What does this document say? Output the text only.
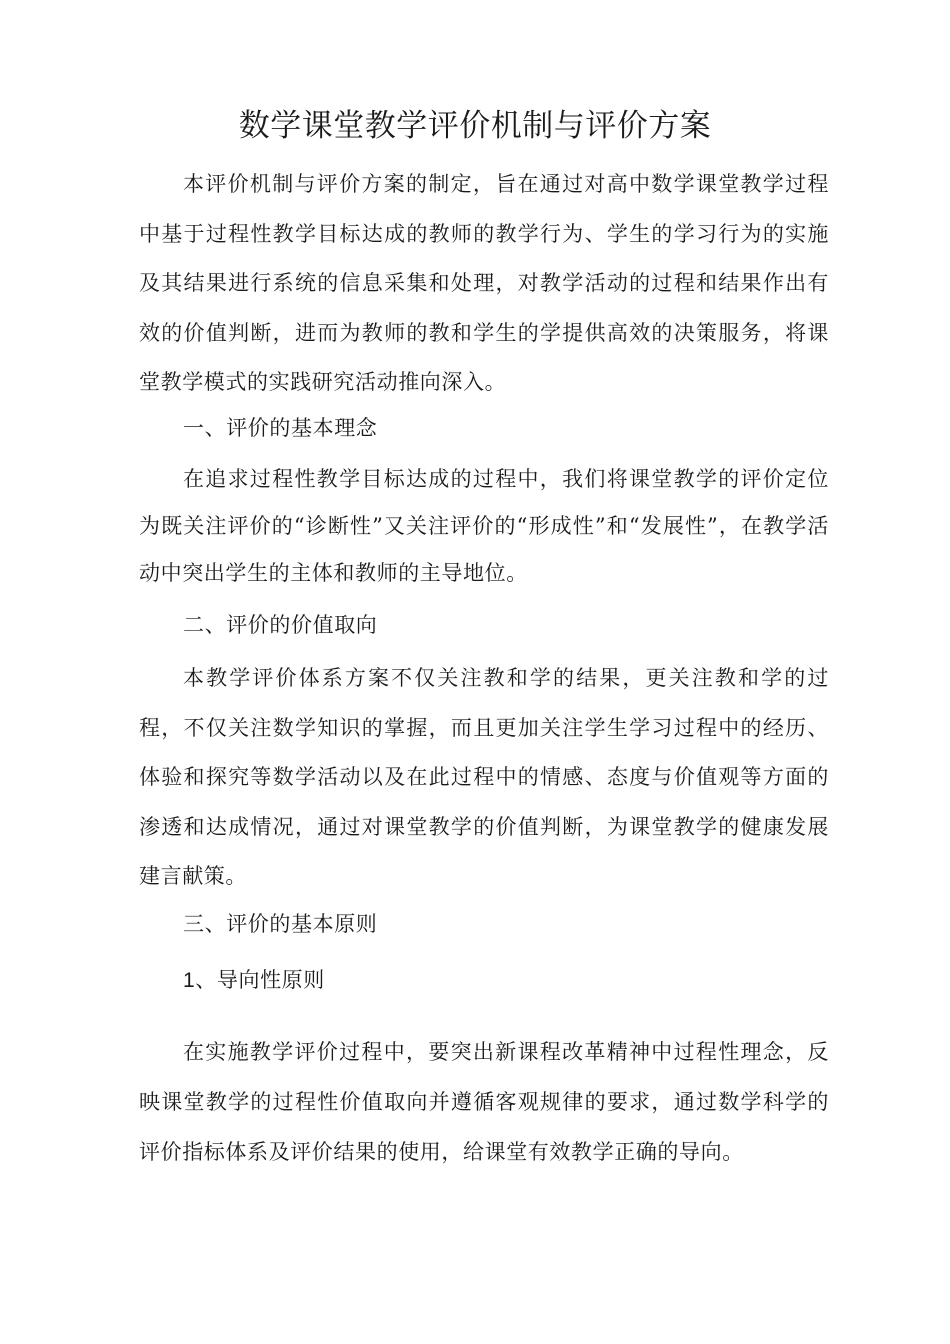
数学课堂教学评价机制与评价方案

本评价机制与评价方案的制定，旨在通过对高中数学课堂教学过程中基于过程性教学目标达成的教师的教学行为、学生的学习行为的实施及其结果进行系统的信息采集和处理，对教学活动的过程和结果作出有效的价值判断，进而为教师的教和学生的学提供高效的决策服务，将课堂教学模式的实践研究活动推向深入。

一、评价的基本理念

在追求过程性教学目标达成的过程中，我们将课堂教学的评价定位为既关注评价的“诊断性”又关注评价的“形成性”和“发展性”，在教学活动中突出学生的主体和教师的主导地位。

二、评价的价值取向

本教学评价体系方案不仅关注教和学的结果，更关注教和学的过程，不仅关注数学知识的掌握，而且更加关注学生学习过程中的经历、体验和探究等数学活动以及在此过程中的情感、态度与价值观等方面的渗透和达成情况，通过对课堂教学的价值判断，为课堂教学的健康发展建言献策。

三、评价的基本原则

1、导向性原则

在实施教学评价过程中，要突出新课程改革精神中过程性理念，反映课堂教学的过程性价值取向并遵循客观规律的要求，通过数学科学的评价指标体系及评价结果的使用，给课堂有效教学正确的导向。
